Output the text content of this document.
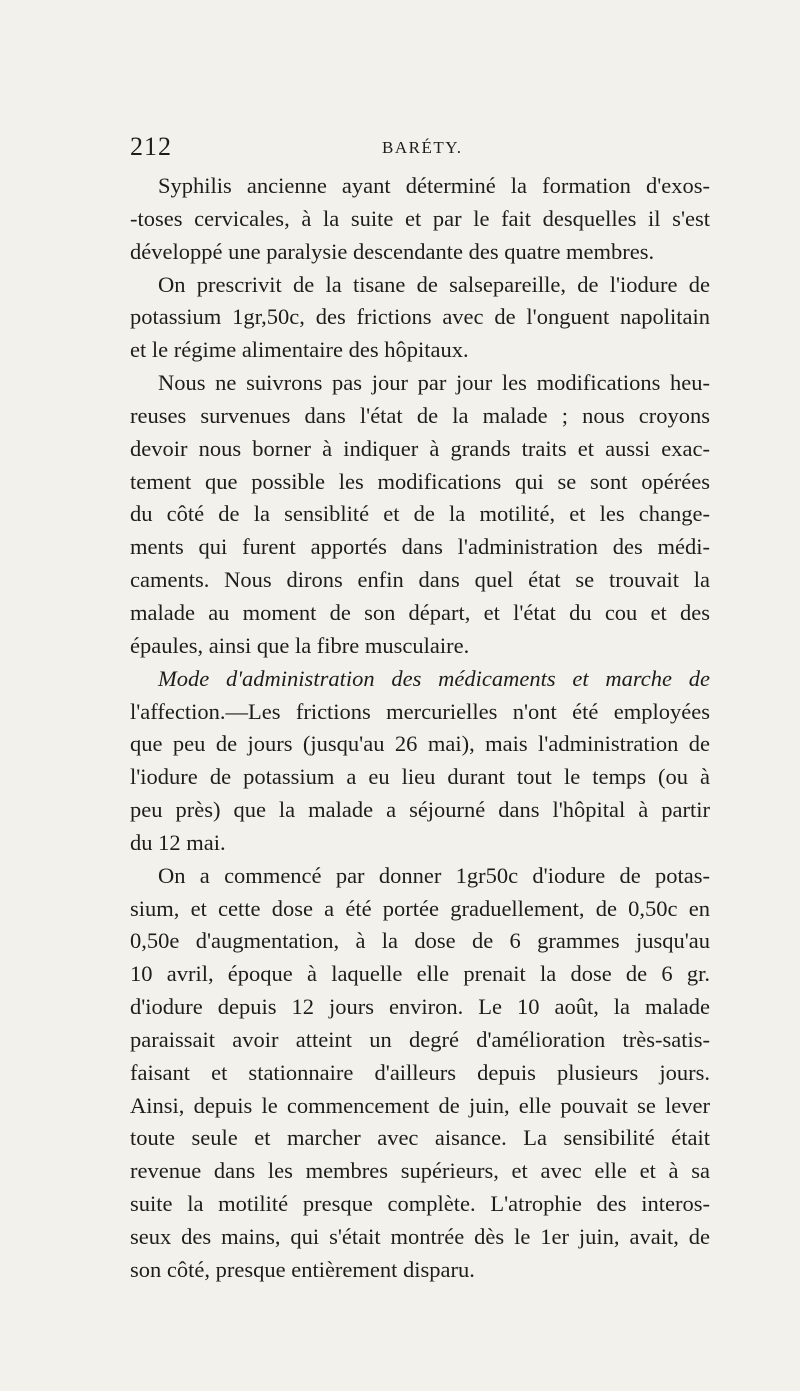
212	BARÉTY.
Syphilis ancienne ayant déterminé la formation d'exos-
-toses cervicales, à la suite et par le fait desquelles il s'est
développé une paralysie descendante des quatre membres.
On prescrivit de la tisane de salsepareille, de l'iodure de
potassium 1gr,50c, des frictions avec de l'onguent napolitain
et le régime alimentaire des hôpitaux.
Nous ne suivrons pas jour par jour les modifications heu-
reuses survenues dans l'état de la malade ; nous croyons
devoir nous borner à indiquer à grands traits et aussi exac-
tement que possible les modifications qui se sont opérées
du côté de la sensiblité et de la motilité, et les change-
ments qui furent apportés dans l'administration des médi-
caments. Nous dirons enfin dans quel état se trouvait la
malade au moment de son départ, et l'état du cou et des
épaules, ainsi que la fibre musculaire.
Mode d'administration des médicaments et marche de
l'affection.—Les frictions mercurielles n'ont été employées
que peu de jours (jusqu'au 26 mai), mais l'administration de
l'iodure de potassium a eu lieu durant tout le temps (ou à
peu près) que la malade a séjourné dans l'hôpital à partir
du 12 mai.
On a commencé par donner 1gr50c d'iodure de potas-
sium, et cette dose a été portée graduellement, de 0,50c en
0,50e d'augmentation, à la dose de 6 grammes jusqu'au
10 avril, époque à laquelle elle prenait la dose de 6 gr.
d'iodure depuis 12 jours environ. Le 10 août, la malade
paraissait avoir atteint un degré d'amélioration très-satis-
faisant et stationnaire d'ailleurs depuis plusieurs jours.
Ainsi, depuis le commencement de juin, elle pouvait se lever
toute seule et marcher avec aisance. La sensibilité était
revenue dans les membres supérieurs, et avec elle et à sa
suite la motilité presque complète. L'atrophie des interos-
seux des mains, qui s'était montrée dès le 1er juin, avait, de
son côté, presque entièrement disparu.
